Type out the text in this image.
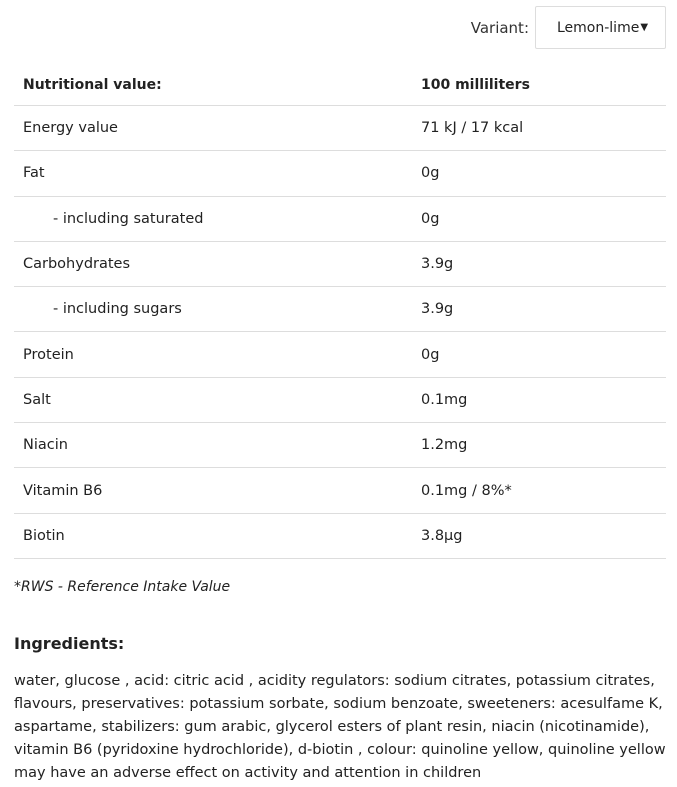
Variant: Lemon-lime ▼
Nutritional value:	100 milliliters
Energy value	71 kJ / 17 kcal
Fat	0g
- including saturated	0g
Carbohydrates	3.9g
- including sugars	3.9g
Protein	0g
Salt	0.1mg
Niacin	1.2mg
Vitamin B6	0.1mg / 8%*
Biotin	3.8µg
*RWS - Reference Intake Value
Ingredients:
water, glucose , acid: citric acid , acidity regulators: sodium citrates, potassium citrates, flavours, preservatives: potassium sorbate, sodium benzoate, sweeteners: acesulfame K, aspartame, stabilizers: gum arabic, glycerol esters of plant resin, niacin (nicotinamide), vitamin B6 (pyridoxine hydrochloride), d-biotin , colour: quinoline yellow, quinoline yellow may have an adverse effect on activity and attention in children
